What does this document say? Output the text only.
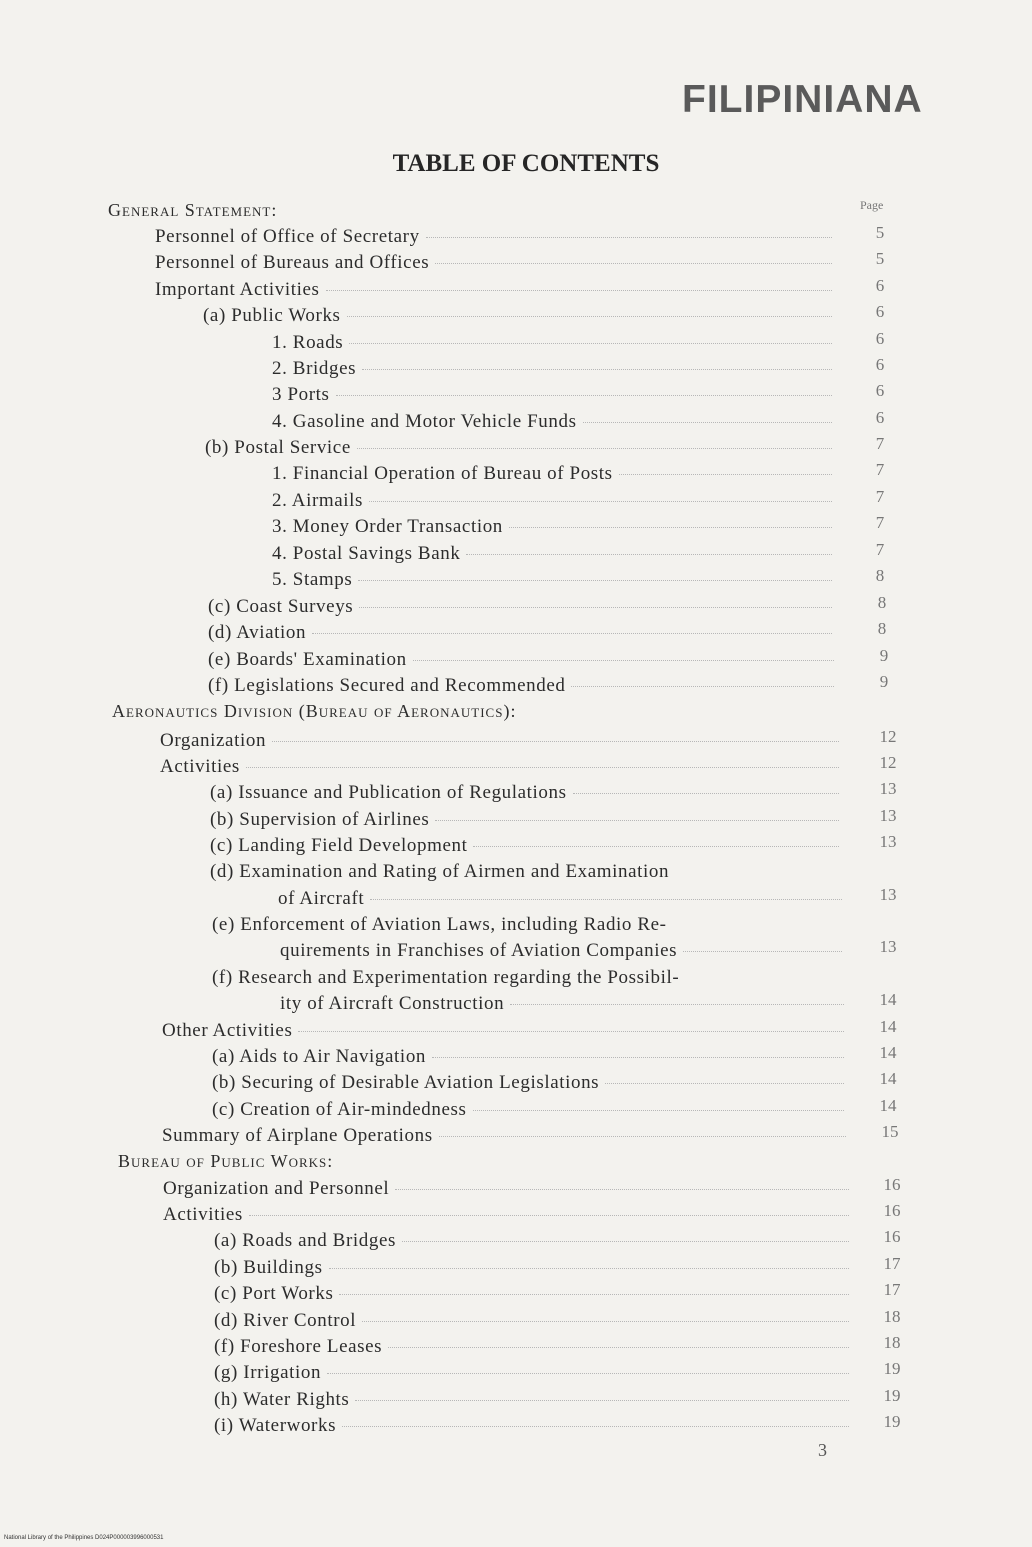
FILIPINIANA
TABLE OF CONTENTS
Page
General Statement:
Personnel of Office of Secretary	5
Personnel of Bureaus and Offices	5
Important Activities	6
(a) Public Works	6
1. Roads	6
2. Bridges	6
3 Ports	6
4. Gasoline and Motor Vehicle Funds	6
(b) Postal Service	7
1. Financial Operation of Bureau of Posts	7
2. Airmails	7
3. Money Order Transaction	7
4. Postal Savings Bank	7
5. Stamps	8
(c) Coast Surveys	8
(d) Aviation	8
(e) Boards' Examination	9
(f) Legislations Secured and Recommended	9
Aeronautics Division (Bureau of Aeronautics):
Organization	12
Activities	12
(a) Issuance and Publication of Regulations	13
(b) Supervision of Airlines	13
(c) Landing Field Development	13
(d) Examination and Rating of Airmen and Examination
of Aircraft	13
(e) Enforcement of Aviation Laws, including Radio Re-
quirements in Franchises of Aviation Companies	13
(f) Research and Experimentation regarding the Possibil-
ity of Aircraft Construction	14
Other Activities	14
(a) Aids to Air Navigation	14
(b) Securing of Desirable Aviation Legislations	14
(c) Creation of Air-mindedness	14
Summary of Airplane Operations	15
Bureau of Public Works:
Organization and Personnel	16
Activities	16
(a) Roads and Bridges	16
(b) Buildings	17
(c) Port Works	17
(d) River Control	18
(f) Foreshore Leases	18
(g) Irrigation	19
(h) Water Rights	19
(i) Waterworks	19
3
National Library of the Philippines D024P000003996000531
